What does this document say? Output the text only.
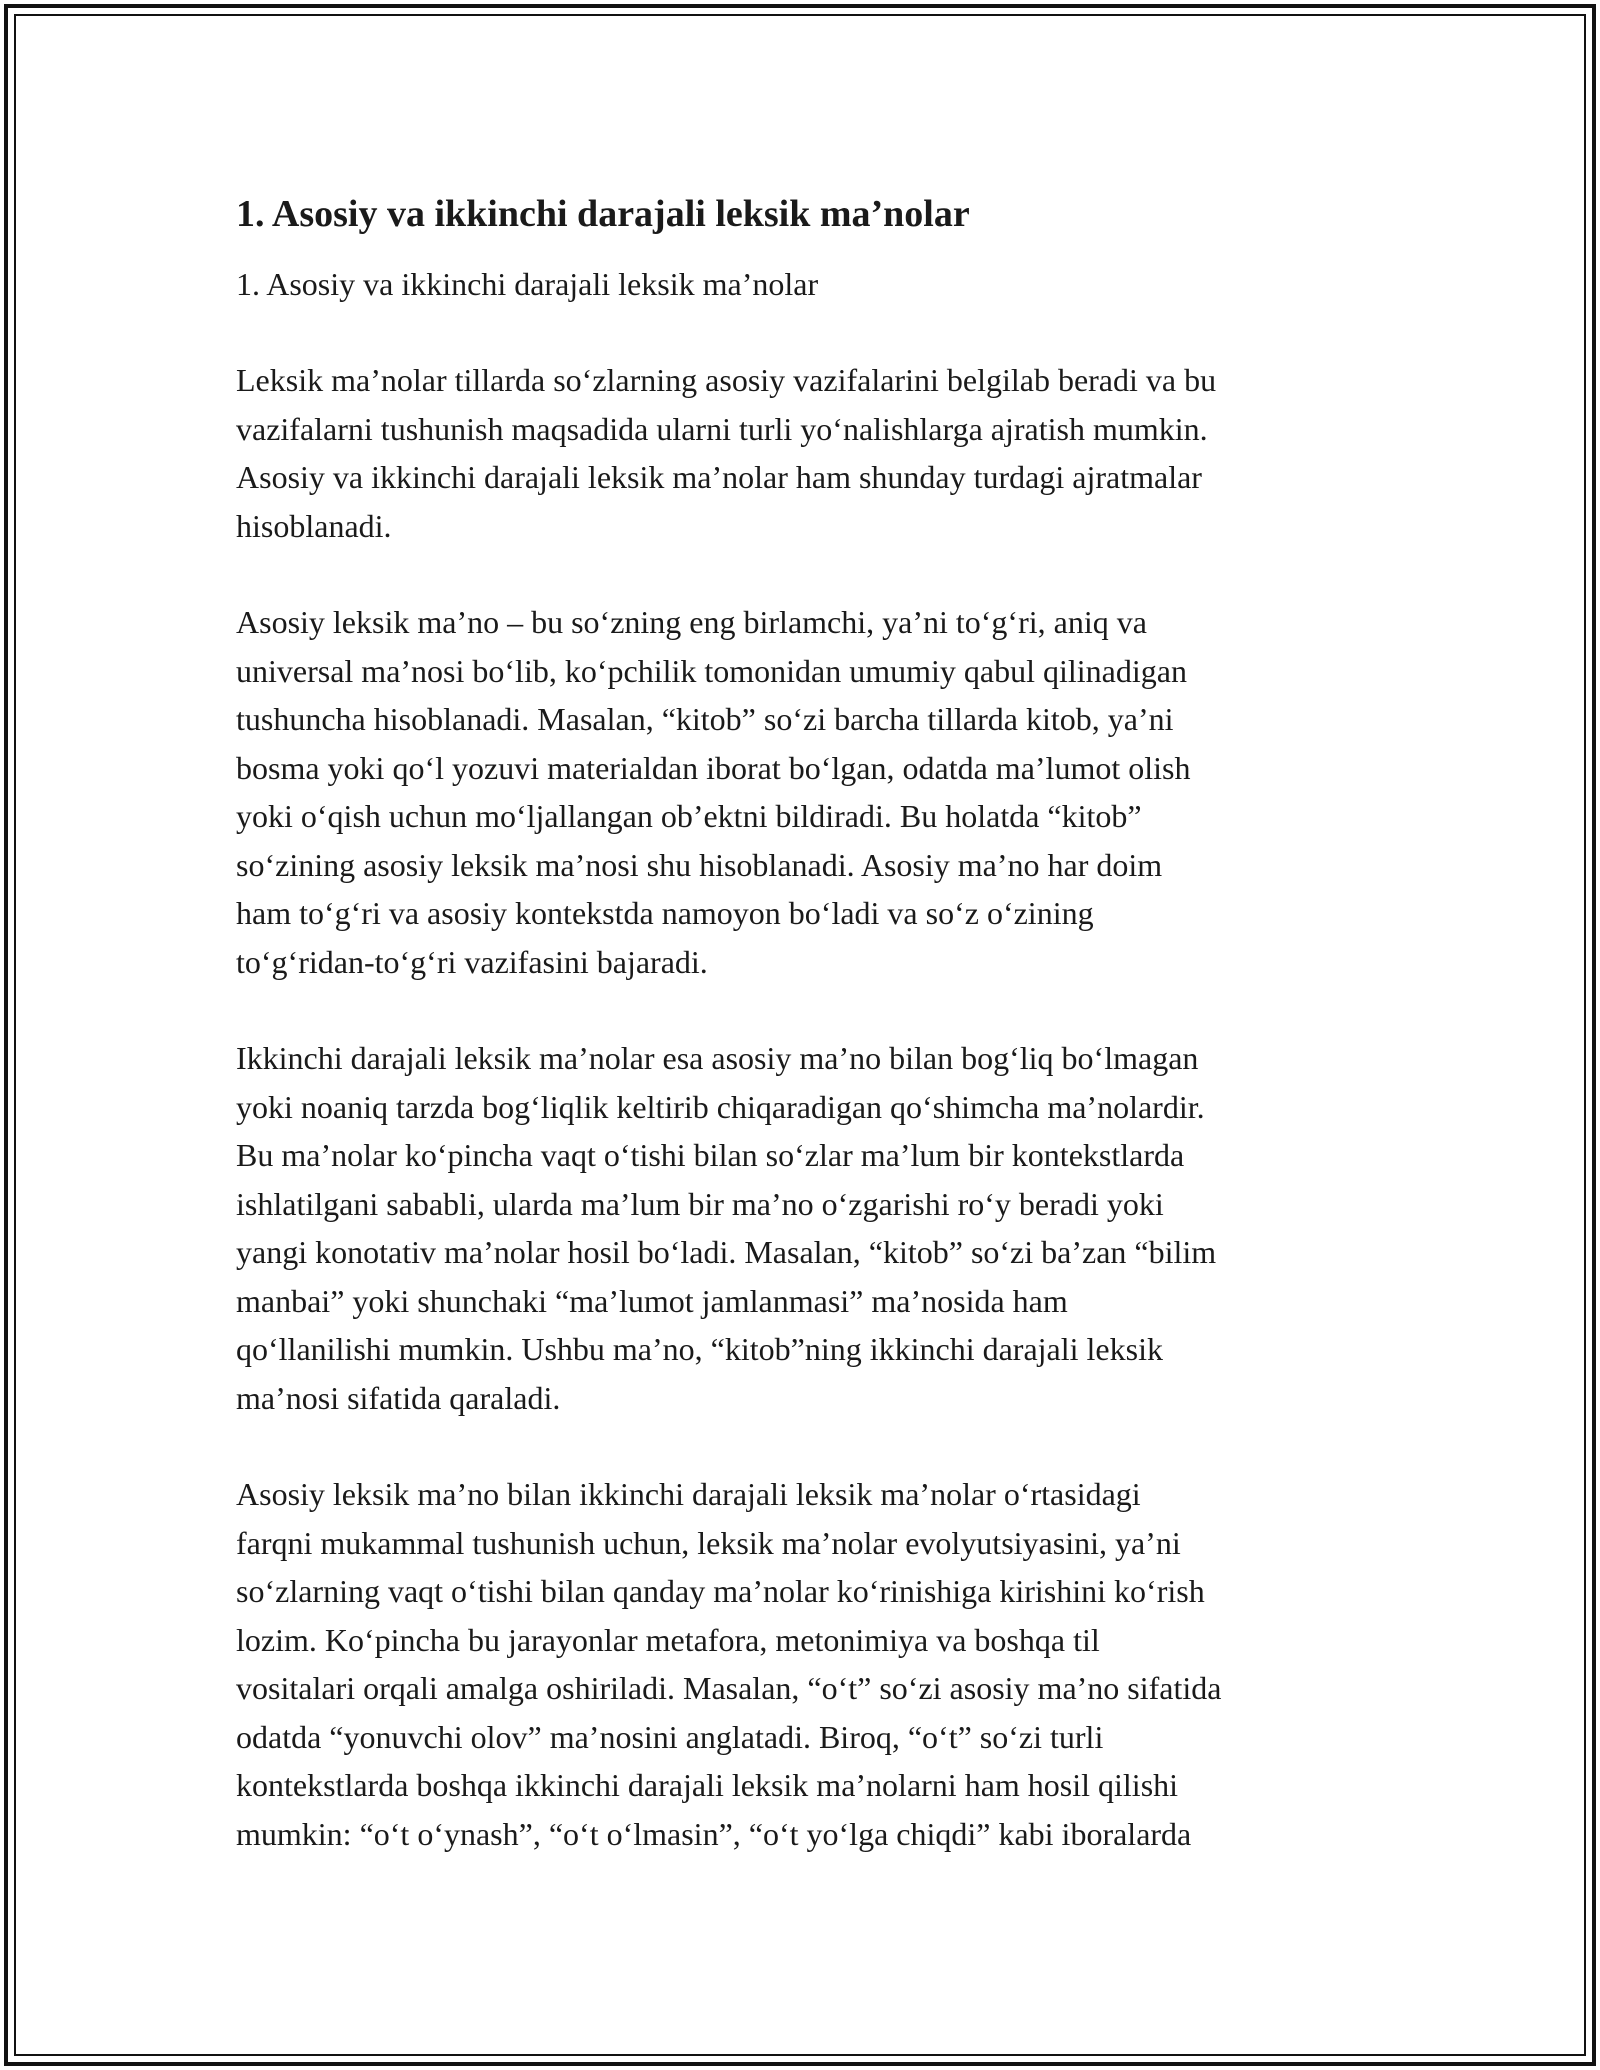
1. Asosiy va ikkinchi darajali leksik ma’nolar
1. Asosiy va ikkinchi darajali leksik ma’nolar

Leksik ma’nolar tillarda so‘zlarning asosiy vazifalarini belgilab beradi va bu
vazifalarni tushunish maqsadida ularni turli yo‘nalishlarga ajratish mumkin.
Asosiy va ikkinchi darajali leksik ma’nolar ham shunday turdagi ajratmalar
hisoblanadi.

Asosiy leksik ma’no – bu so‘zning eng birlamchi, ya’ni to‘g‘ri, aniq va
universal ma’nosi bo‘lib, ko‘pchilik tomonidan umumiy qabul qilinadigan
tushuncha hisoblanadi. Masalan, “kitob” so‘zi barcha tillarda kitob, ya’ni
bosma yoki qo‘l yozuvi materialdan iborat bo‘lgan, odatda ma’lumot olish
yoki o‘qish uchun mo‘ljallangan ob’ektni bildiradi. Bu holatda “kitob”
so‘zining asosiy leksik ma’nosi shu hisoblanadi. Asosiy ma’no har doim
ham to‘g‘ri va asosiy kontekstda namoyon bo‘ladi va so‘z o‘zining
to‘g‘ridan-to‘g‘ri vazifasini bajaradi.

Ikkinchi darajali leksik ma’nolar esa asosiy ma’no bilan bog‘liq bo‘lmagan
yoki noaniq tarzda bog‘liqlik keltirib chiqaradigan qo‘shimcha ma’nolardir.
Bu ma’nolar ko‘pincha vaqt o‘tishi bilan so‘zlar ma’lum bir kontekstlarda
ishlatilgani sababli, ularda ma’lum bir ma’no o‘zgarishi ro‘y beradi yoki
yangi konotativ ma’nolar hosil bo‘ladi. Masalan, “kitob” so‘zi ba’zan “bilim
manbai” yoki shunchaki “ma’lumot jamlanmasi” ma’nosida ham
qo‘llanilishi mumkin. Ushbu ma’no, “kitob”ning ikkinchi darajali leksik
ma’nosi sifatida qaraladi.

Asosiy leksik ma’no bilan ikkinchi darajali leksik ma’nolar o‘rtasidagi
farqni mukammal tushunish uchun, leksik ma’nolar evolyutsiyasini, ya’ni
so‘zlarning vaqt o‘tishi bilan qanday ma’nolar ko‘rinishiga kirishini ko‘rish
lozim. Ko‘pincha bu jarayonlar metafora, metonimiya va boshqa til
vositalari orqali amalga oshiriladi. Masalan, “o‘t” so‘zi asosiy ma’no sifatida
odatda “yonuvchi olov” ma’nosini anglatadi. Biroq, “o‘t” so‘zi turli
kontekstlarda boshqa ikkinchi darajali leksik ma’nolarni ham hosil qilishi
mumkin: “o‘t o‘ynash”, “o‘t o‘lmasin”, “o‘t yo‘lga chiqdi” kabi iboralarda
